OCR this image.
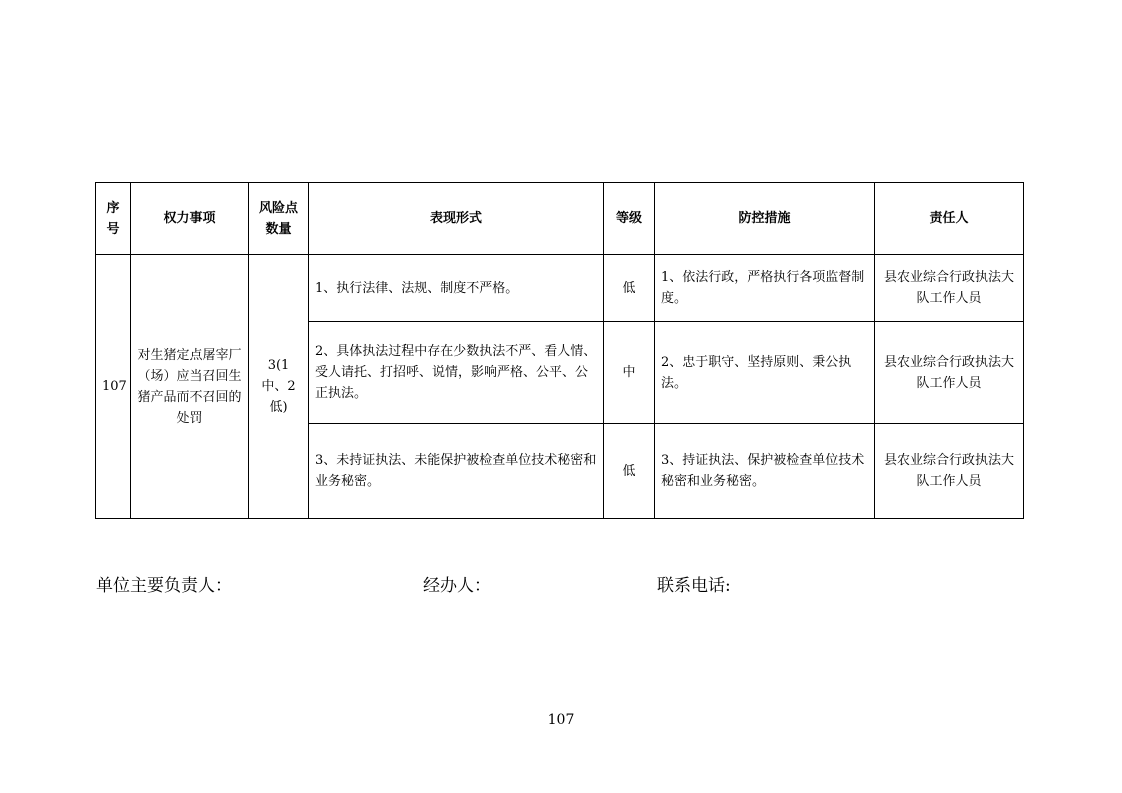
序号	权力事项	风险点数量	表现形式	等级	防控措施	责任人
107	对生猪定点屠宰厂（场）应当召回生猪产品而不召回的处罚	3(1 中、2 低)	1、执行法律、法规、制度不严格。	低	1、依法行政，严格执行各项监督制度。	县农业综合行政执法大队工作人员
			2、具体执法过程中存在少数执法不严、看人情、受人请托、打招呼、说情，影响严格、公平、公正执法。	中	2、忠于职守、坚持原则、秉公执法。	县农业综合行政执法大队工作人员
			3、未持证执法、未能保护被检查单位技术秘密和业务秘密。	低	3、持证执法、保护被检查单位技术秘密和业务秘密。	县农业综合行政执法大队工作人员
单位主要负责人：	经办人：	联系电话:
107
